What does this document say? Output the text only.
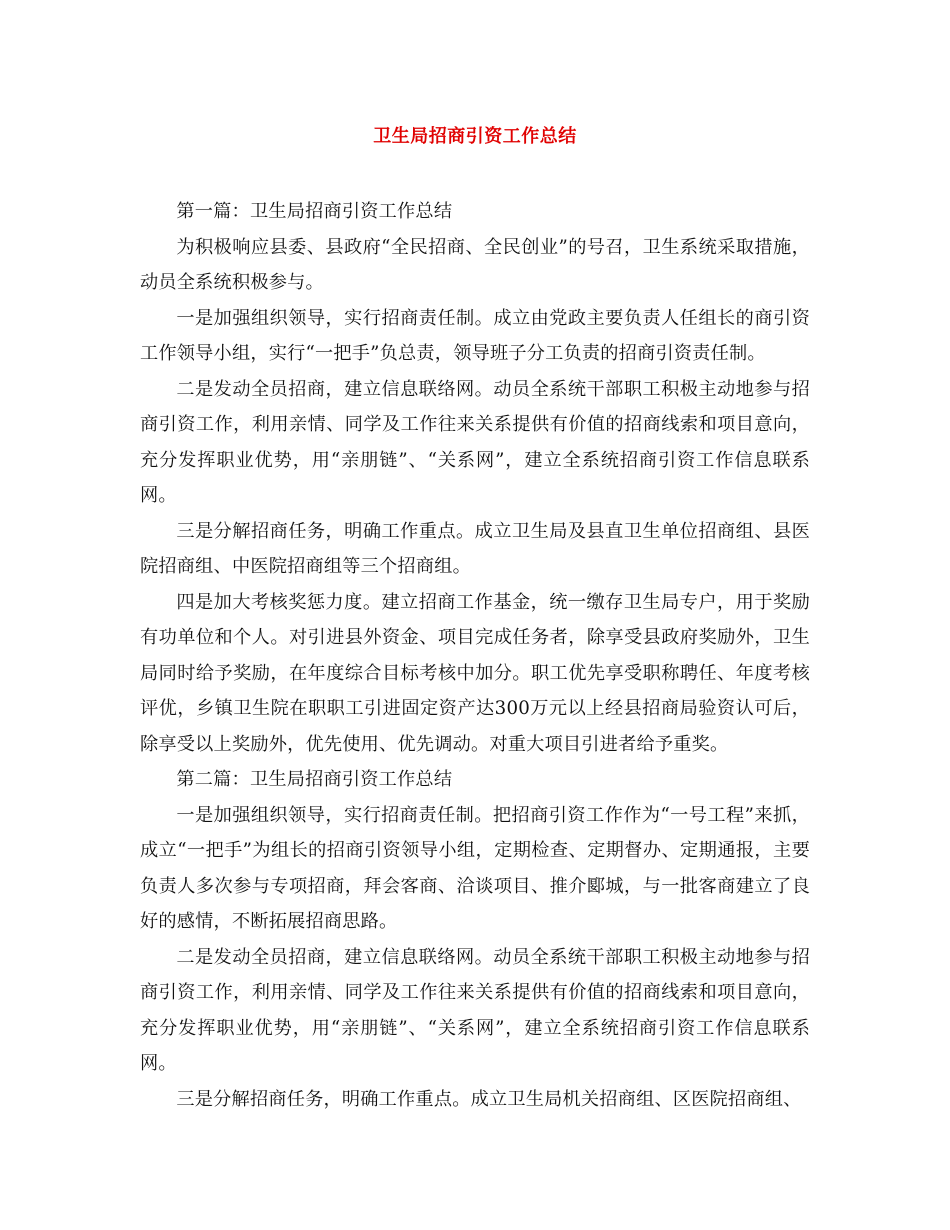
卫生局招商引资工作总结

第一篇：卫生局招商引资工作总结

为积极响应县委、县政府“全民招商、全民创业”的号召，卫生系统采取措施，动员全系统积极参与。

一是加强组织领导，实行招商责任制。成立由党政主要负责人任组长的商引资工作领导小组，实行“一把手”负总责，领导班子分工负责的招商引资责任制。

二是发动全员招商，建立信息联络网。动员全系统干部职工积极主动地参与招商引资工作，利用亲情、同学及工作往来关系提供有价值的招商线索和项目意向，充分发挥职业优势，用“亲朋链”、“关系网”，建立全系统招商引资工作信息联系网。

三是分解招商任务，明确工作重点。成立卫生局及县直卫生单位招商组、县医院招商组、中医院招商组等三个招商组。

四是加大考核奖惩力度。建立招商工作基金，统一缴存卫生局专户，用于奖励有功单位和个人。对引进县外资金、项目完成任务者，除享受县政府奖励外，卫生局同时给予奖励，在年度综合目标考核中加分。职工优先享受职称聘任、年度考核评优，乡镇卫生院在职职工引进固定资产达300万元以上经县招商局验资认可后，除享受以上奖励外，优先使用、优先调动。对重大项目引进者给予重奖。

第二篇：卫生局招商引资工作总结

一是加强组织领导，实行招商责任制。把招商引资工作作为“一号工程”来抓，成立“一把手”为组长的招商引资领导小组，定期检查、定期督办、定期通报，主要负责人多次参与专项招商，拜会客商、洽谈项目、推介郾城，与一批客商建立了良好的感情，不断拓展招商思路。

二是发动全员招商，建立信息联络网。动员全系统干部职工积极主动地参与招商引资工作，利用亲情、同学及工作往来关系提供有价值的招商线索和项目意向，充分发挥职业优势，用“亲朋链”、“关系网”，建立全系统招商引资工作信息联系网。

三是分解招商任务，明确工作重点。成立卫生局机关招商组、区医院招商组、
